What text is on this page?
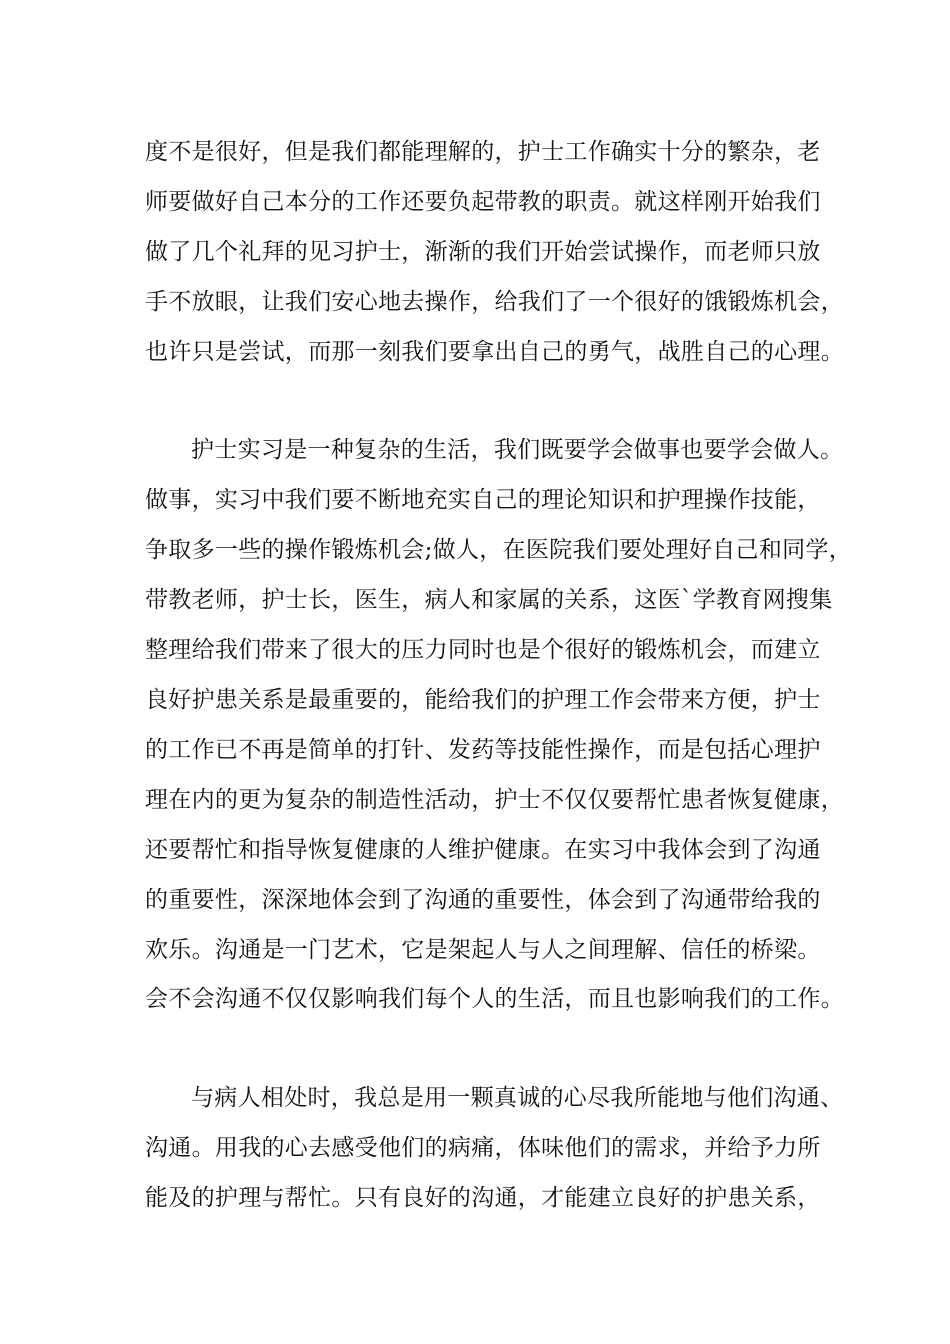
度不是很好，但是我们都能理解的，护士工作确实十分的繁杂，老
师要做好自己本分的工作还要负起带教的职责。就这样刚开始我们
做了几个礼拜的见习护士，渐渐的我们开始尝试操作，而老师只放
手不放眼，让我们安心地去操作，给我们了一个很好的饿锻炼机会，
也许只是尝试，而那一刻我们要拿出自己的勇气，战胜自己的心理。
护士实习是一种复杂的生活，我们既要学会做事也要学会做人。
做事，实习中我们要不断地充实自己的理论知识和护理操作技能，
争取多一些的操作锻炼机会;做人，在医院我们要处理好自己和同学，
带教老师，护士长，医生，病人和家属的关系，这医`学教育网搜集
整理给我们带来了很大的压力同时也是个很好的锻炼机会，而建立
良好护患关系是最重要的，能给我们的护理工作会带来方便，护士
的工作已不再是简单的打针、发药等技能性操作，而是包括心理护
理在内的更为复杂的制造性活动，护士不仅仅要帮忙患者恢复健康，
还要帮忙和指导恢复健康的人维护健康。在实习中我体会到了沟通
的重要性，深深地体会到了沟通的重要性，体会到了沟通带给我的
欢乐。沟通是一门艺术，它是架起人与人之间理解、信任的桥梁。
会不会沟通不仅仅影响我们每个人的生活，而且也影响我们的工作。
与病人相处时，我总是用一颗真诚的心尽我所能地与他们沟通、
沟通。用我的心去感受他们的病痛，体味他们的需求，并给予力所
能及的护理与帮忙。只有良好的沟通，才能建立良好的护患关系，
